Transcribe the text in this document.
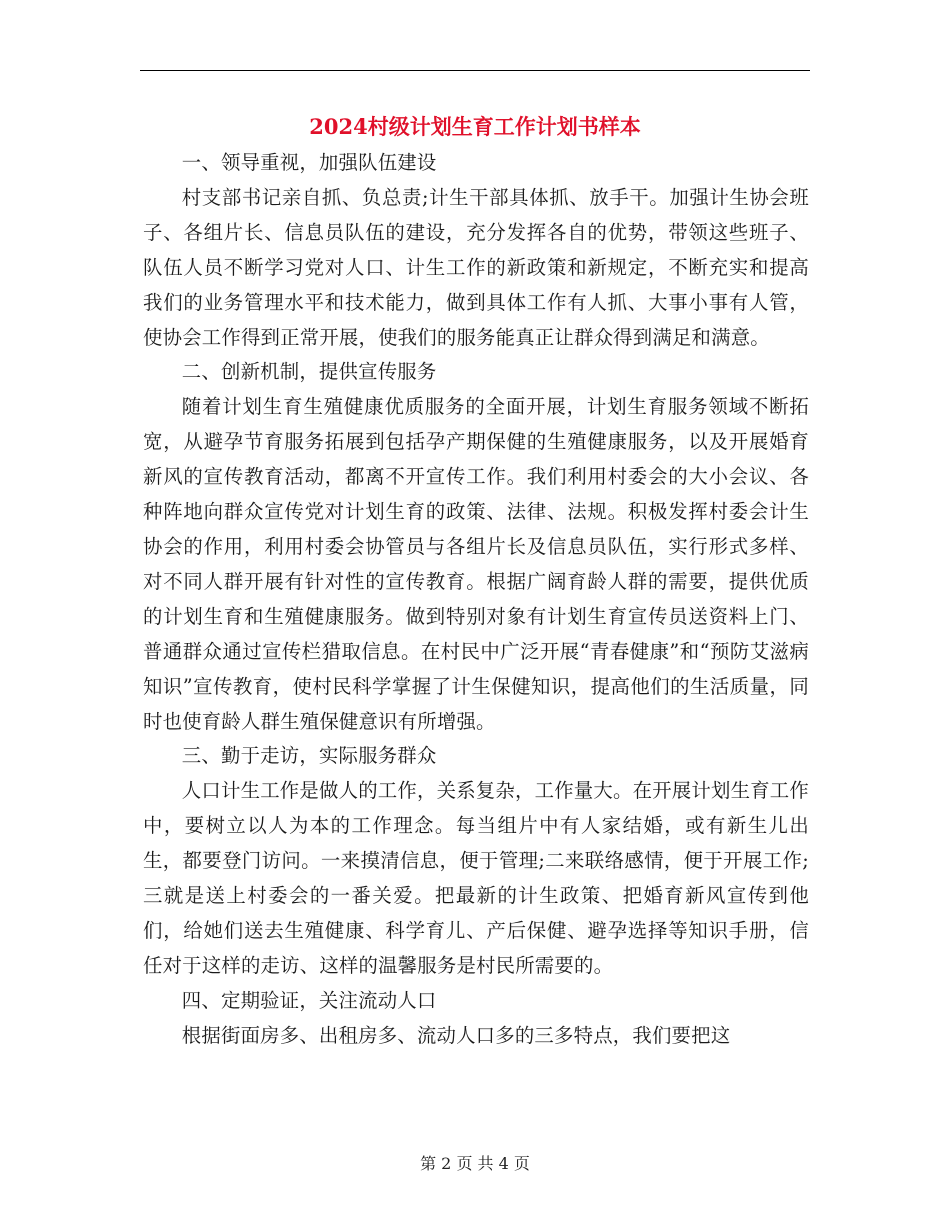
2024村级计划生育工作计划书样本

一、领导重视，加强队伍建设

村支部书记亲自抓、负总责;计生干部具体抓、放手干。加强计生协会班子、各组片长、信息员队伍的建设，充分发挥各自的优势，带领这些班子、队伍人员不断学习党对人口、计生工作的新政策和新规定，不断充实和提高我们的业务管理水平和技术能力，做到具体工作有人抓、大事小事有人管，使协会工作得到正常开展，使我们的服务能真正让群众得到满足和满意。

二、创新机制，提供宣传服务

随着计划生育生殖健康优质服务的全面开展，计划生育服务领域不断拓宽，从避孕节育服务拓展到包括孕产期保健的生殖健康服务，以及开展婚育新风的宣传教育活动，都离不开宣传工作。我们利用村委会的大小会议、各种阵地向群众宣传党对计划生育的政策、法律、法规。积极发挥村委会计生协会的作用，利用村委会协管员与各组片长及信息员队伍，实行形式多样、对不同人群开展有针对性的宣传教育。根据广阔育龄人群的需要，提供优质的计划生育和生殖健康服务。做到特别对象有计划生育宣传员送资料上门、普通群众通过宣传栏猎取信息。在村民中广泛开展“青春健康”和“预防艾滋病知识”宣传教育，使村民科学掌握了计生保健知识，提高他们的生活质量，同时也使育龄人群生殖保健意识有所增强。

三、勤于走访，实际服务群众

人口计生工作是做人的工作，关系复杂，工作量大。在开展计划生育工作中，要树立以人为本的工作理念。每当组片中有人家结婚，或有新生儿出生，都要登门访问。一来摸清信息，便于管理;二来联络感情，便于开展工作;三就是送上村委会的一番关爱。把最新的计生政策、把婚育新风宣传到他们，给她们送去生殖健康、科学育儿、产后保健、避孕选择等知识手册，信任对于这样的走访、这样的温馨服务是村民所需要的。

四、定期验证，关注流动人口

根据街面房多、出租房多、流动人口多的三多特点，我们要把这

第 2 页 共 4 页
